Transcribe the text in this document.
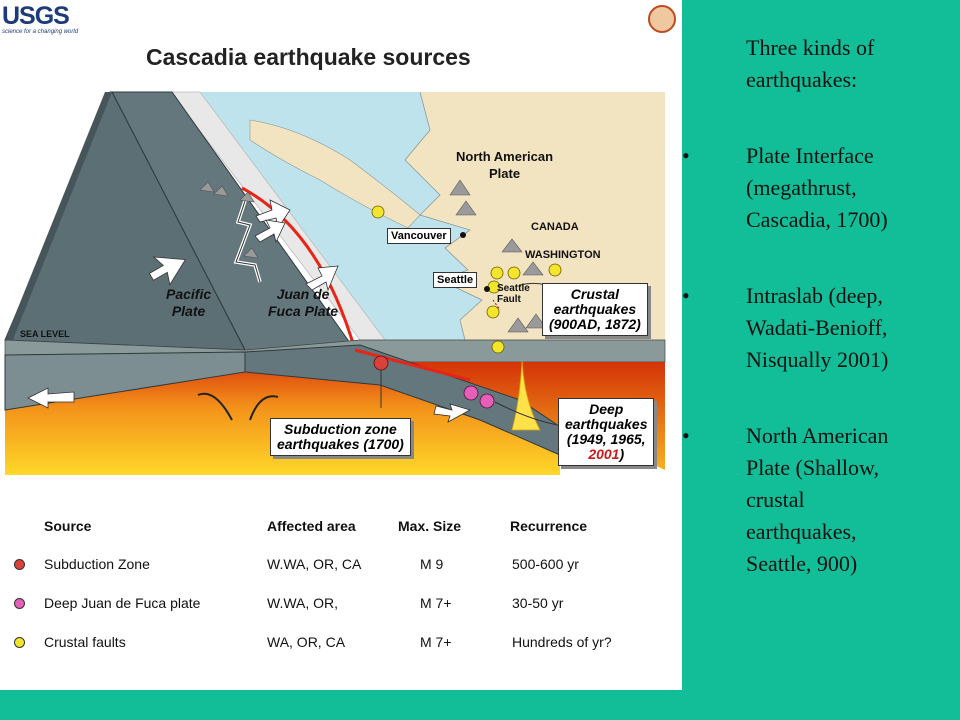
USGS
science for a changing world
Cascadia earthquake sources
North American
Plate
CANADA
WASHINGTON
Vancouver
Seattle
Seattle
Fault
Pacific
Plate
Juan de
Fuca Plate
SEA LEVEL
Crustal
earthquakes
(900AD, 1872)
Subduction zone
earthquakes (1700)
Deep
earthquakes
(1949, 1965,
2001)
Source	Affected area	Max. Size	Recurrence
Subduction Zone	W.WA, OR, CA	M 9	500-600 yr
Deep Juan de Fuca plate	W.WA, OR,	M 7+	30-50 yr
Crustal faults	WA, OR, CA	M 7+	Hundreds of yr?
Three kinds of
earthquakes:
•	Plate Interface
(megathrust,
Cascadia, 1700)
•	Intraslab (deep,
Wadati-Benioff,
Nisqually 2001)
•	North American
Plate (Shallow,
crustal
earthquakes,
Seattle, 900)
